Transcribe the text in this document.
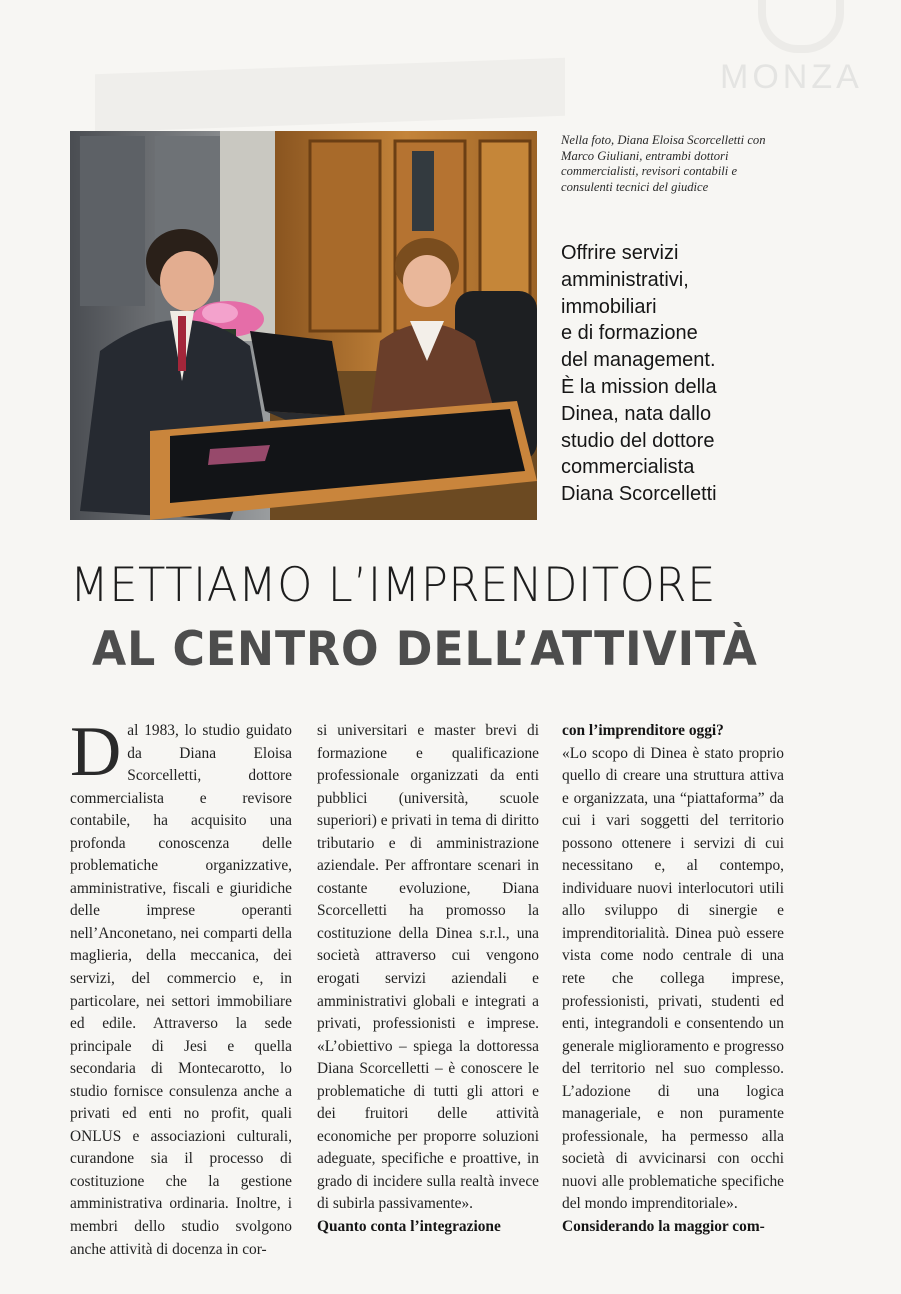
MONZA
Nella foto, Diana Eloisa Scorcelletti con Marco Giuliani, entrambi dottori commercialisti, revisori contabili e consulenti tecnici del giudice
Offrire servizi
amministrativi,
immobiliari
e di formazione
del management.
È la mission della
Dinea, nata dallo
studio del dottore
commercialista
Diana Scorcelletti
METTIAMO L’IMPRENDITORE
AL CENTRO DELL’ATTIVITÀ

Dal 1983, lo studio guidato da Diana Eloisa Scorcelletti, dottore commercialista e revisore contabile, ha acquisito una profonda conoscenza delle problematiche organizzative, amministrative, fiscali e giuridiche delle imprese operanti nell’Anconetano, nei comparti della maglieria, della meccanica, dei servizi, del commercio e, in particolare, nei settori immobiliare ed edile. Attraverso la sede principale di Jesi e quella secondaria di Montecarotto, lo studio fornisce consulenza anche a privati ed enti no profit, quali ONLUS e associazioni culturali, curandone sia il processo di costituzione che la gestione amministrativa ordinaria. Inoltre, i membri dello studio svolgono anche attività di docenza in cor-

si universitari e master brevi di formazione e qualificazione professionale organizzati da enti pubblici (università, scuole superiori) e privati in tema di diritto tributario e di amministrazione aziendale. Per affrontare scenari in costante evoluzione, Diana Scorcelletti ha promosso la costituzione della Dinea s.r.l., una società attraverso cui vengono erogati servizi aziendali e amministrativi globali e integrati a privati, professionisti e imprese. «L’obiettivo – spiega la dottoressa Diana Scorcelletti – è conoscere le problematiche di tutti gli attori e dei fruitori delle attività economiche per proporre soluzioni adeguate, specifiche e proattive, in grado di incidere sulla realtà invece di subirla passivamente».

Quanto conta l’integrazione
con l’imprenditore oggi?

«Lo scopo di Dinea è stato proprio quello di creare una struttura attiva e organizzata, una “piattaforma” da cui i vari soggetti del territorio possono ottenere i servizi di cui necessitano e, al contempo, individuare nuovi interlocutori utili allo sviluppo di sinergie e imprenditorialità. Dinea può essere vista come nodo centrale di una rete che collega imprese, professionisti, privati, studenti ed enti, integrandoli e consentendo un generale miglioramento e progresso del territorio nel suo complesso. L’adozione di una logica manageriale, e non puramente professionale, ha permesso alla società di avvicinarsi con occhi nuovi alle problematiche specifiche del mondo imprenditoriale».

Considerando la maggior com-
